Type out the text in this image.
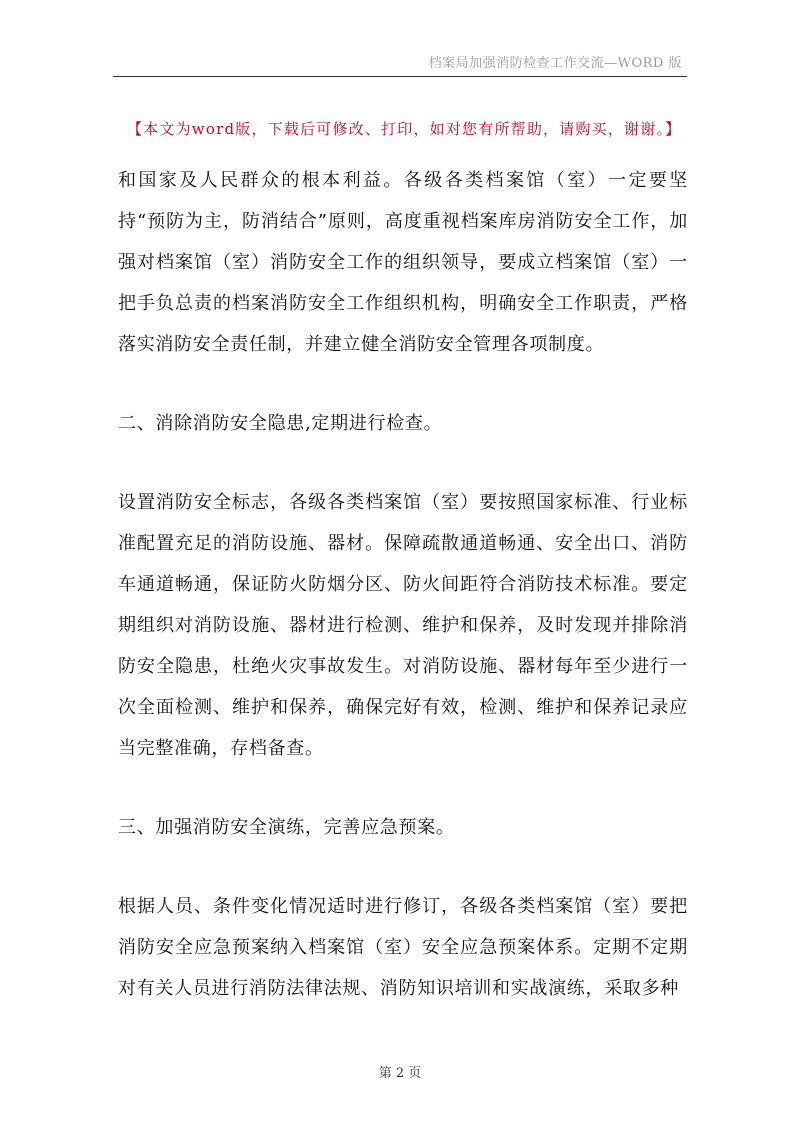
档案局加强消防检查工作交流—WORD 版
【本文为word版，下载后可修改、打印，如对您有所帮助，请购买，谢谢。】

和国家及人民群众的根本利益。各级各类档案馆（室）一定要坚持“预防为主，防消结合”原则，高度重视档案库房消防安全工作，加强对档案馆（室）消防安全工作的组织领导，要成立档案馆（室）一把手负总责的档案消防安全工作组织机构，明确安全工作职责，严格落实消防安全责任制，并建立健全消防安全管理各项制度。

二、消除消防安全隐患,定期进行检查。

设置消防安全标志，各级各类档案馆（室）要按照国家标准、行业标准配置充足的消防设施、器材。保障疏散通道畅通、安全出口、消防车通道畅通，保证防火防烟分区、防火间距符合消防技术标准。要定期组织对消防设施、器材进行检测、维护和保养，及时发现并排除消防安全隐患，杜绝火灾事故发生。对消防设施、器材每年至少进行一次全面检测、维护和保养，确保完好有效，检测、维护和保养记录应当完整准确，存档备查。

三、加强消防安全演练，完善应急预案。

根据人员、条件变化情况适时进行修订，各级各类档案馆（室）要把消防安全应急预案纳入档案馆（室）安全应急预案体系。定期不定期对有关人员进行消防法律法规、消防知识培训和实战演练，采取多种

第 2 页
